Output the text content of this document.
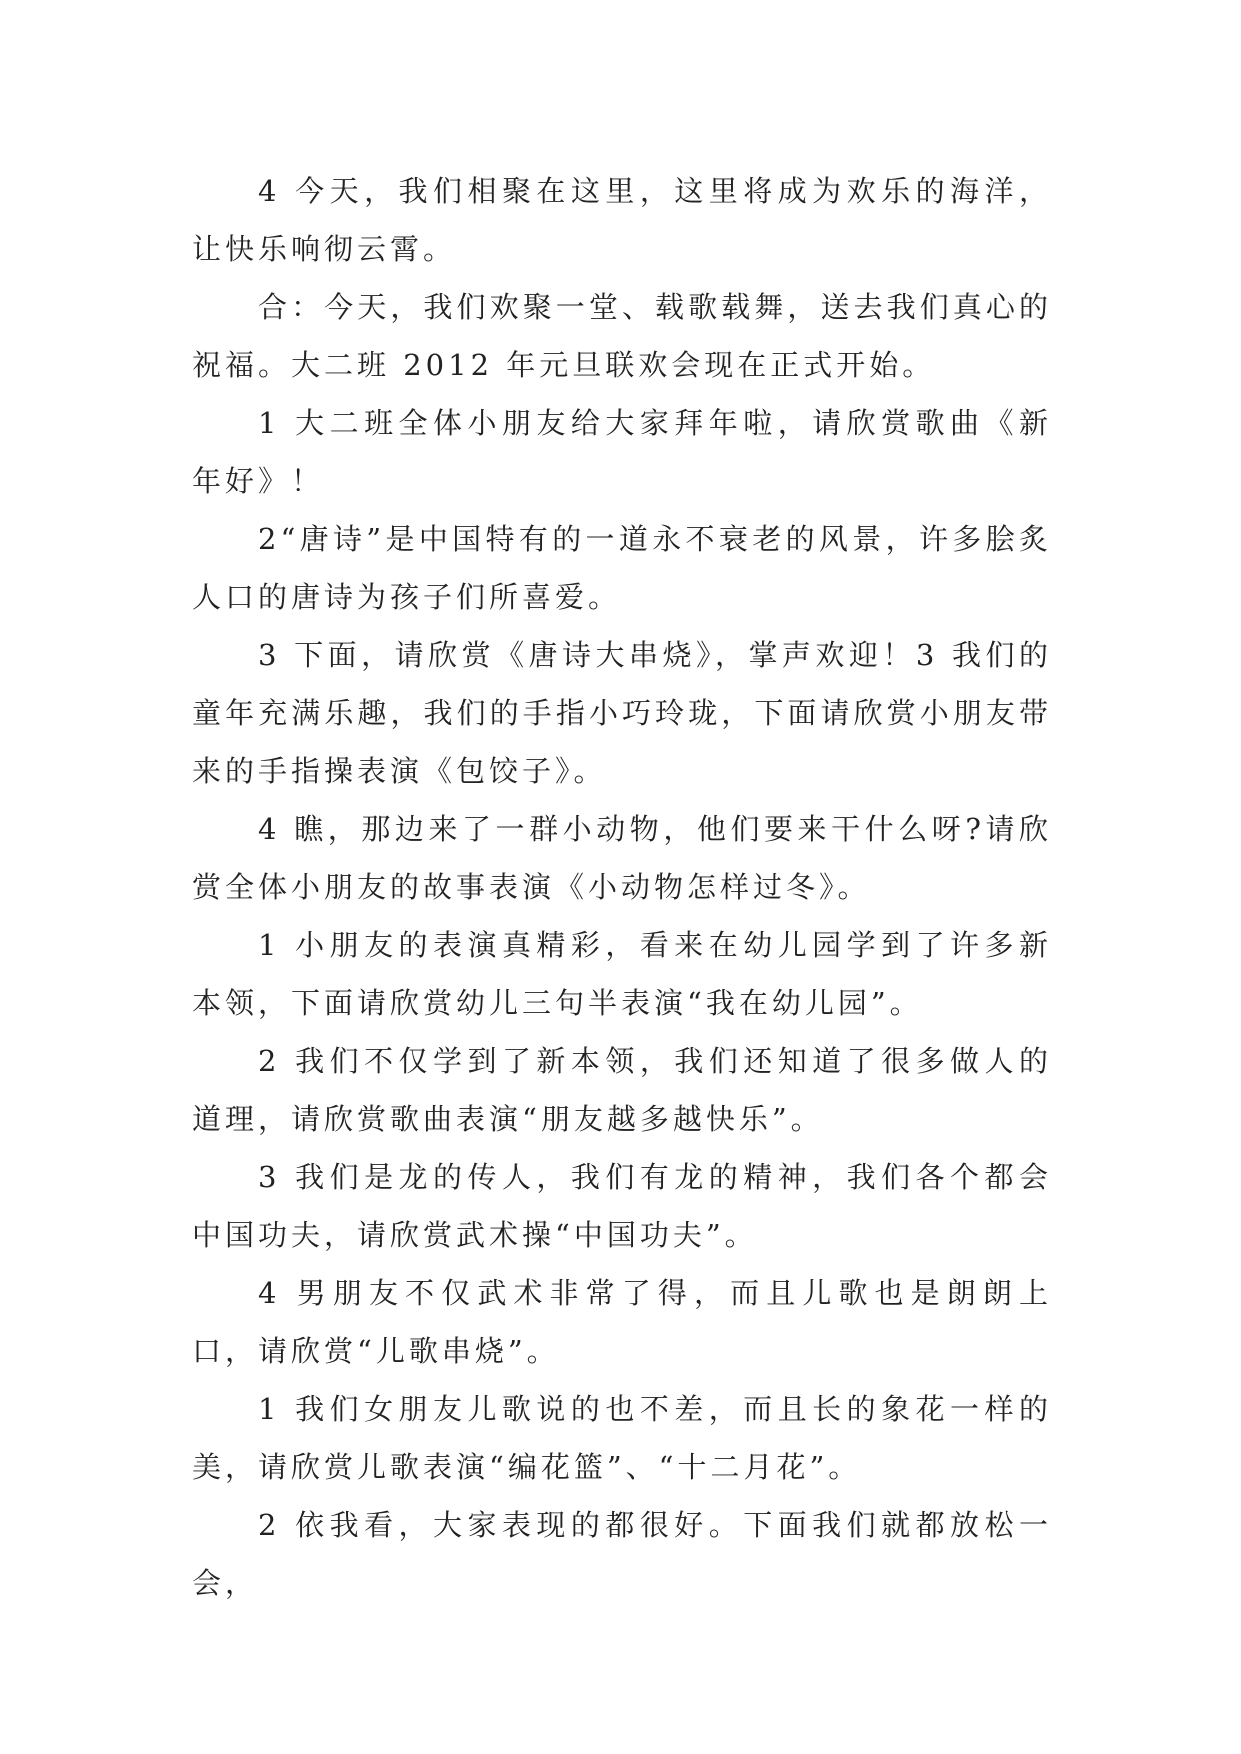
4 今天，我们相聚在这里，这里将成为欢乐的海洋，让快乐响彻云霄。

合：今天，我们欢聚一堂、载歌载舞，送去我们真心的祝福。大二班 2012 年元旦联欢会现在正式开始。

1 大二班全体小朋友给大家拜年啦，请欣赏歌曲《新年好》！

2“唐诗”是中国特有的一道永不衰老的风景，许多脍炙人口的唐诗为孩子们所喜爱。

3 下面，请欣赏《唐诗大串烧》，掌声欢迎！3 我们的童年充满乐趣，我们的手指小巧玲珑，下面请欣赏小朋友带来的手指操表演《包饺子》。

4 瞧，那边来了一群小动物，他们要来干什么呀?请欣赏全体小朋友的故事表演《小动物怎样过冬》。

1 小朋友的表演真精彩，看来在幼儿园学到了许多新本领，下面请欣赏幼儿三句半表演“我在幼儿园”。

2 我们不仅学到了新本领，我们还知道了很多做人的道理，请欣赏歌曲表演“朋友越多越快乐”。

3 我们是龙的传人，我们有龙的精神，我们各个都会中国功夫，请欣赏武术操“中国功夫”。

4 男朋友不仅武术非常了得，而且儿歌也是朗朗上口，请欣赏“儿歌串烧”。

1 我们女朋友儿歌说的也不差，而且长的象花一样的美，请欣赏儿歌表演“编花篮”、“十二月花”。

2 依我看，大家表现的都很好。下面我们就都放松一会，
